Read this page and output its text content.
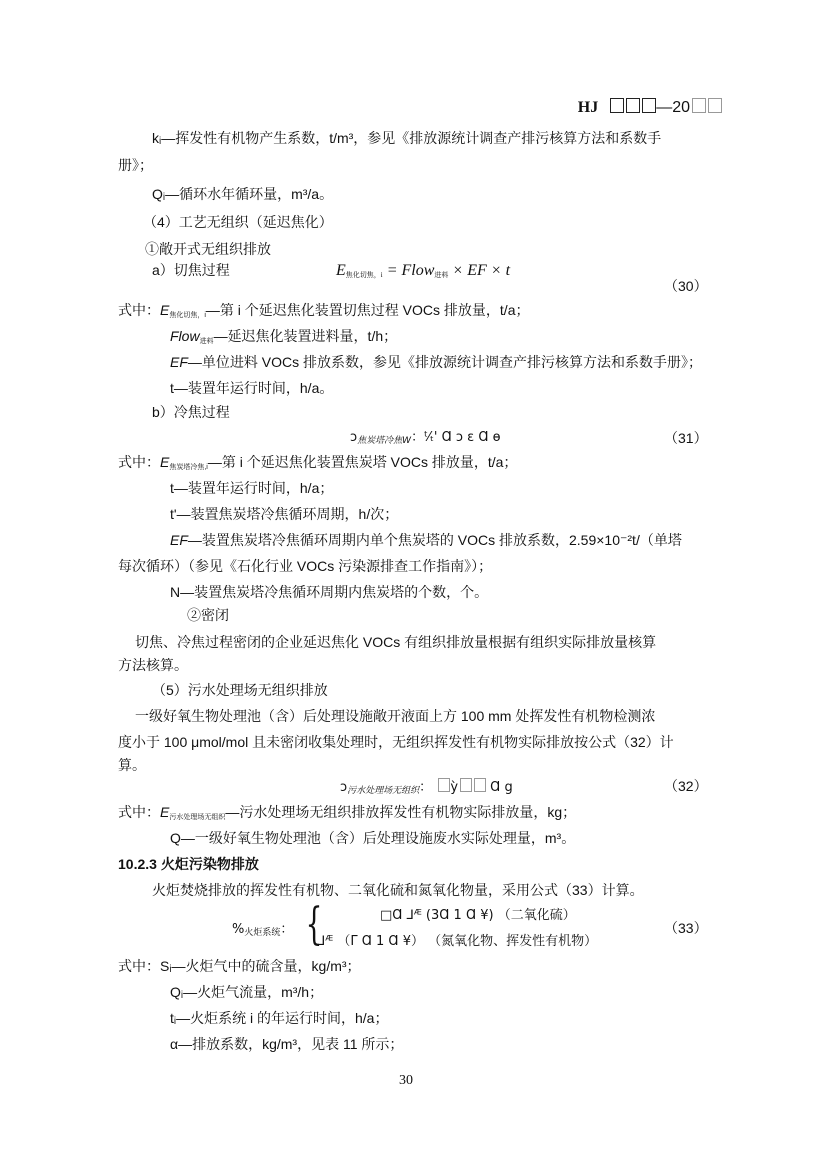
HJ	—20
kᵢ—挥发性有机物产生系数，t/m³，参见《排放源统计调查产排污核算方法和系数手
册》；
Qᵢ—循环水年循环量，m³/a。
（4）工艺无组织（延迟焦化）
①敞开式无组织排放
a）切焦过程	$E_{焦化切焦,i}$ = Flow$_{进料}$ × EF × t
（30）
式中：$E_{焦化切焦,i}—$第 i 个延迟焦化装置切焦过程 VOCs 排放量，t/a；
Flow$_{进料}$—延迟焦化装置进料量，t/h；
EF—单位进料 VOCs 排放系数，参见《排放源统计调查产排污核算方法和系数手册》；
t—装置年运行时间，h/a。
b）冷焦过程
ɔ$_{焦炭塔冷焦W}$：ᵗ⁄ₜ' Ɑ ɔ ɛ Ɑ ɵ	（31）
式中：$E_{焦炭塔冷焦,i}—$第 i 个延迟焦化装置焦炭塔 VOCs 排放量，t/a；
t—装置年运行时间，h/a；
t'—装置焦炭塔冷焦循环周期，h/次；
EF—装置焦炭塔冷焦循环周期内单个焦炭塔的 VOCs 排放系数，2.59×10⁻²t/（单塔
每次循环）（参见《石化行业 VOCs 污染源排查工作指南》）；
N—装置焦炭塔冷焦循环周期内焦炭塔的个数，个。
②密闭
切焦、冷焦过程密闭的企业延迟焦化 VOCs 有组织排放量根据有组织实际排放量核算
方法核算。
（5）污水处理场无组织排放
一级好氧生物处理池（含）后处理设施敞开液面上方 100 mm 处挥发性有机物检测浓
度小于 100 μmol/mol 且未密闭收集处理时，无组织挥发性有机物实际排放按公式（32）计
算。
ɔ$_{污水处理场无组织}$： ỳ Ɑ g	（32）
式中：$E_{污水处理场无组织}—$污水处理场无组织排放挥发性有机物实际排放量，kg；
Q—一级好氧生物处理池（含）后处理设施废水实际处理量，m³。
10.2.3 火炬污染物排放
火炬焚烧排放的挥发性有机物、二氧化硫和氮氧化物量，采用公式（33）计算。
$\%_{火炬系统}$： {	□Ɑ ⅃ᴭ (3Ɑ 1 Ɑ ¥) （二氧化硫）
⅃ᴭ （Γ Ɑ 1 Ɑ ¥） （氮氧化物、挥发性有机物）
（33）
式中：Sᵢ—火炬气中的硫含量，kg/m³；
Qᵢ—火炬气流量，m³/h；
tᵢ—火炬系统 i 的年运行时间，h/a；
α—排放系数，kg/m³，见表 11 所示；
30
